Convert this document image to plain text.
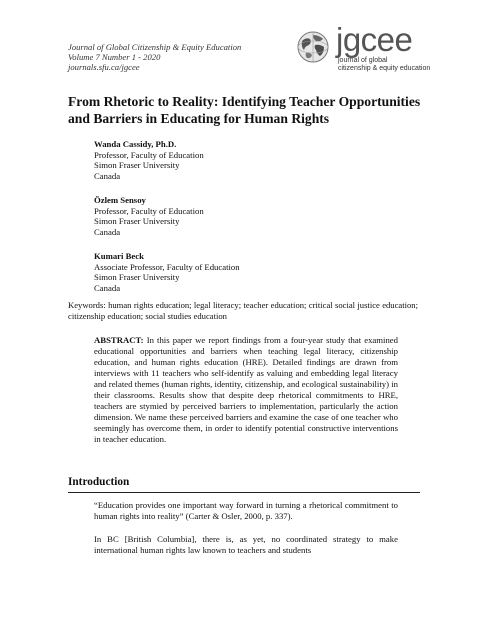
Journal of Global Citizenship & Equity Education
Volume 7 Number 1 - 2020
journals.sfu.ca/jgcee
jgcee
journal of global
citizenship & equity education
From Rhetoric to Reality: Identifying Teacher Opportunities and Barriers in Educating for Human Rights
Wanda Cassidy, Ph.D.
Professor, Faculty of Education
Simon Fraser University
Canada
Özlem Sensoy
Professor, Faculty of Education
Simon Fraser University
Canada
Kumari Beck
Associate Professor, Faculty of Education
Simon Fraser University
Canada
Keywords: human rights education; legal literacy; teacher education; critical social justice education; citizenship education; social studies education
ABSTRACT: In this paper we report findings from a four-year study that examined educational opportunities and barriers when teaching legal literacy, citizenship education, and human rights education (HRE). Detailed findings are drawn from interviews with 11 teachers who self-identify as valuing and embedding legal literacy and related themes (human rights, identity, citizenship, and ecological sustainability) in their classrooms. Results show that despite deep rhetorical commitments to HRE, teachers are stymied by perceived barriers to implementation, particularly the action dimension. We name these perceived barriers and examine the case of one teacher who seemingly has overcome them, in order to identify potential constructive interventions in teacher education.
Introduction
“Education provides one important way forward in turning a rhetorical commitment to human rights into reality” (Carter & Osler, 2000, p. 337).
In BC [British Columbia], there is, as yet, no coordinated strategy to make international human rights law known to teachers and students
